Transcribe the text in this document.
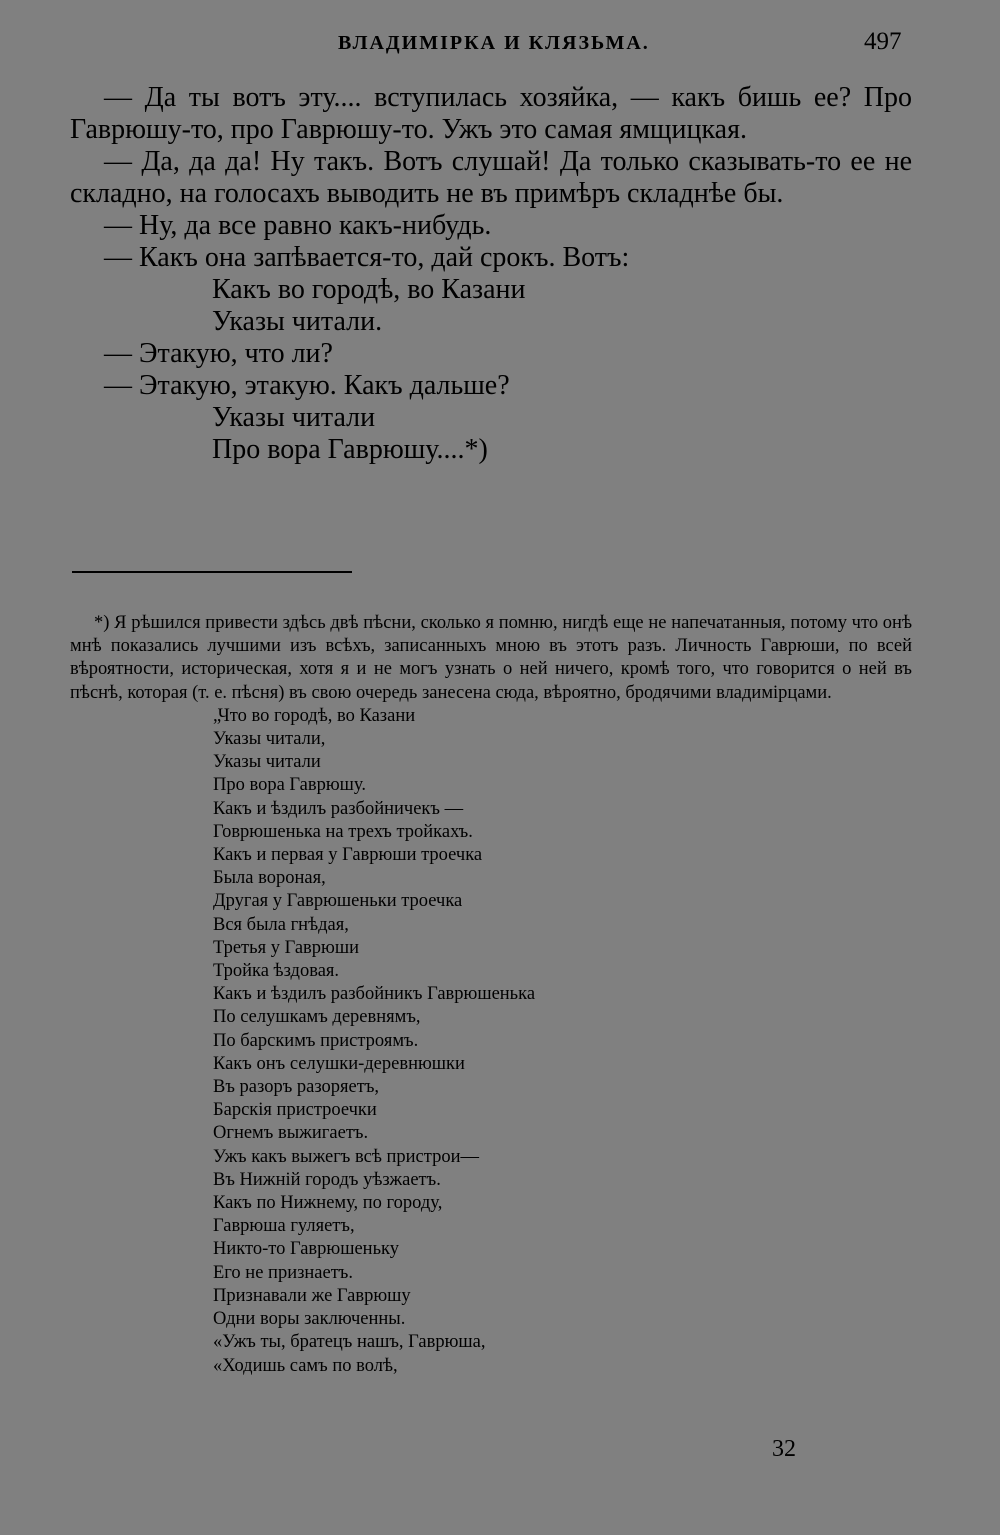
ВЛАДИМІРКА И КЛЯЗЬМА.	497

— Да ты вотъ эту.... вступилась хозяйка, — какъ бишь ее? Про Гаврюшу-то, про Гаврюшу-то. Ужъ это самая ямщицкая.

— Да, да да! Ну такъ. Вотъ слушай! Да только сказывать-то ее не складно, на голосахъ выводить не въ примѣръ складнѣе бы.

— Ну, да все равно какъ-нибудь.

— Какъ она запѣвается-то, дай срокъ. Вотъ:

Какъ во городѣ, во Казани

Указы читали.

— Этакую, что ли?

— Этакую, этакую. Какъ дальше?

Указы читали

Про вора Гаврюшу....*)

*) Я рѣшился привести здѣсь двѣ пѣсни, сколько я помню, нигдѣ еще не напечатанныя, потому что онѣ мнѣ показались лучшими изъ всѣхъ, записанныхъ мною въ этотъ разъ. Личность Гаврюши, по всей вѣроятности, историческая, хотя я и не могъ узнать о ней ничего, кромѣ того, что говорится о ней въ пѣснѣ, которая (т. е. пѣсня) въ свою очередь занесена сюда, вѣроятно, бродячими владимірцами.

„Что во городѣ, во Казани
Указы читали,
Указы читали
Про вора Гаврюшу.
Какъ и ѣздилъ разбойничекъ —
Говрюшенька на трехъ тройкахъ.
Какъ и первая у Гаврюши троечка
Была вороная,
Другая у Гаврюшеньки троечка
Вся была гнѣдая,
Третья у Гаврюши
Тройка ѣздовая.
Какъ и ѣздилъ разбойникъ Гаврюшенька
По селушкамъ деревнямъ,
По барскимъ пристроямъ.
Какъ онъ селушки-деревнюшки
Въ разоръ разоряетъ,
Барскія пристроечки
Огнемъ выжигаетъ.
Ужъ какъ выжегъ всѣ пристрои—
Въ Нижній городъ уѣзжаетъ.
Какъ по Нижнему, по городу,
Гаврюша гуляетъ,
Никто-то Гаврюшеньку
Его не признаетъ.
Признавали же Гаврюшу
Одни воры заключенны.
«Ужъ ты, братецъ нашъ, Гаврюша,
«Ходишь самъ по волѣ,
32
